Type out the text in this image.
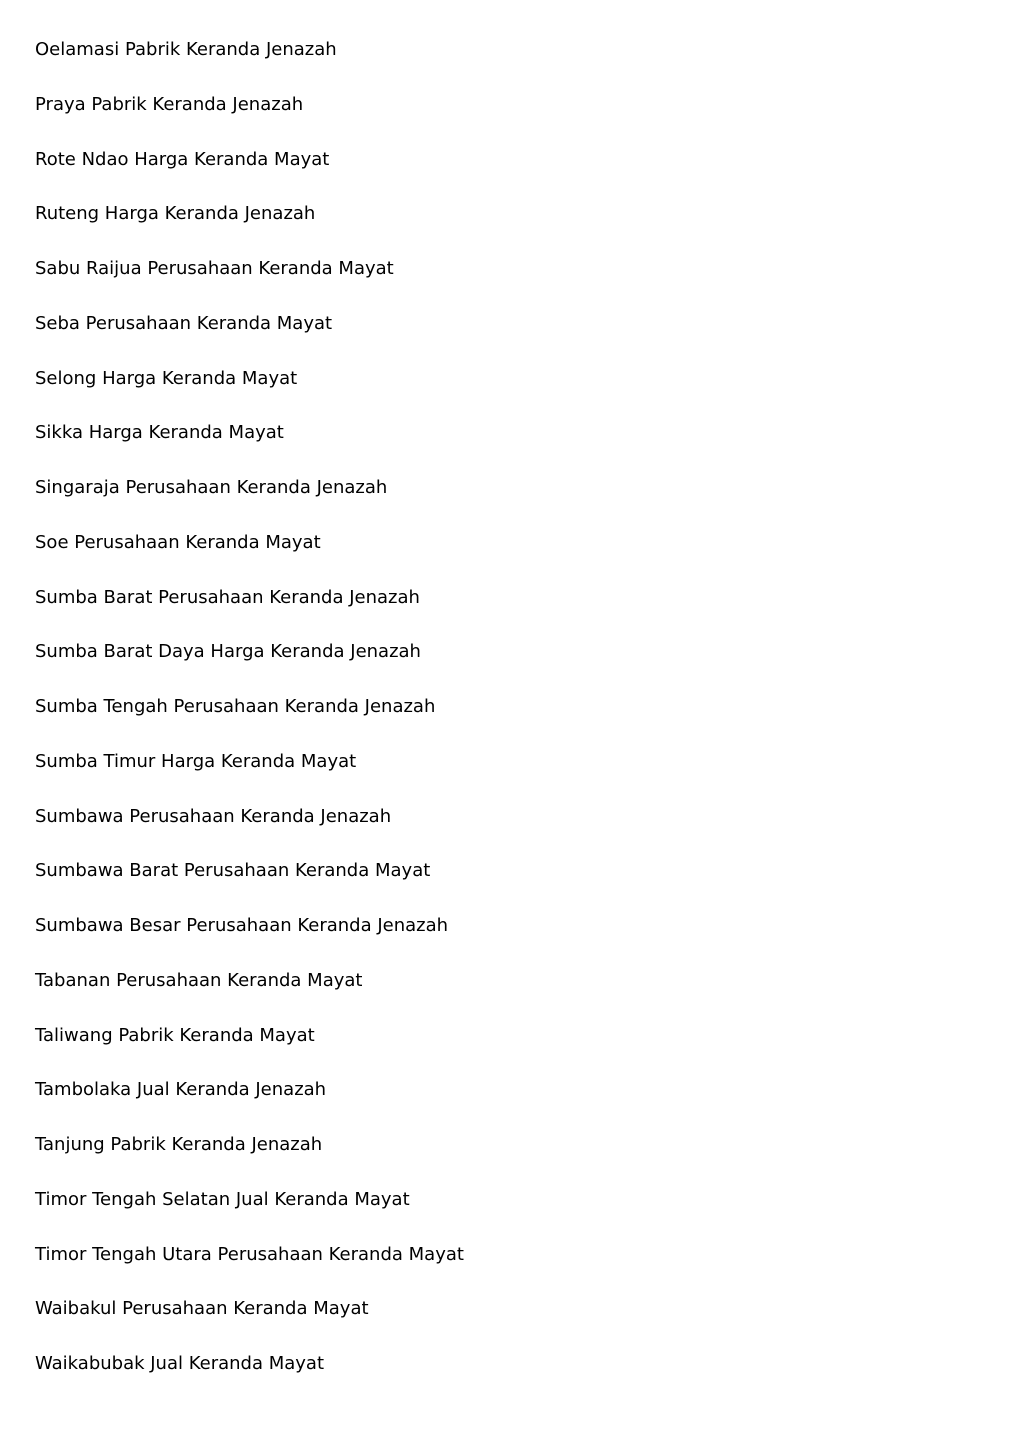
Oelamasi Pabrik Keranda Jenazah
Praya Pabrik Keranda Jenazah
Rote Ndao Harga Keranda Mayat
Ruteng Harga Keranda Jenazah
Sabu Raijua Perusahaan Keranda Mayat
Seba Perusahaan Keranda Mayat
Selong Harga Keranda Mayat
Sikka Harga Keranda Mayat
Singaraja Perusahaan Keranda Jenazah
Soe Perusahaan Keranda Mayat
Sumba Barat Perusahaan Keranda Jenazah
Sumba Barat Daya Harga Keranda Jenazah
Sumba Tengah Perusahaan Keranda Jenazah
Sumba Timur Harga Keranda Mayat
Sumbawa Perusahaan Keranda Jenazah
Sumbawa Barat Perusahaan Keranda Mayat
Sumbawa Besar Perusahaan Keranda Jenazah
Tabanan Perusahaan Keranda Mayat
Taliwang Pabrik Keranda Mayat
Tambolaka Jual Keranda Jenazah
Tanjung Pabrik Keranda Jenazah
Timor Tengah Selatan Jual Keranda Mayat
Timor Tengah Utara Perusahaan Keranda Mayat
Waibakul Perusahaan Keranda Mayat
Waikabubak Jual Keranda Mayat
